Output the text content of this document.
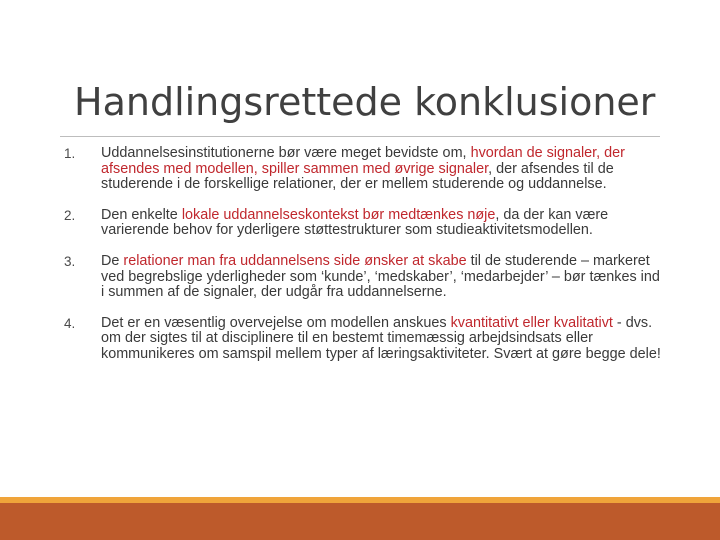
Handlingsrettede konklusioner
1. Uddannelsesinstitutionerne bør være meget bevidste om, hvordan de signaler, der afsendes med modellen, spiller sammen med øvrige signaler, der afsendes til de studerende i de forskellige relationer, der er mellem studerende og uddannelse.
2. Den enkelte lokale uddannelseskontekst bør medtænkes nøje, da der kan være varierende behov for yderligere støttestrukturer som studieaktivitetsmodellen.
3. De relationer man fra uddannelsens side ønsker at skabe til de studerende – markeret ved begrebslige yderligheder som ‘kunde’, ‘medskaber’, ‘medarbejder’ – bør tænkes ind i summen af de signaler, der udgår fra uddannelserne.
4. Det er en væsentlig overvejelse om modellen anskues kvantitativt eller kvalitativt - dvs. om der sigtes til at disciplinere til en bestemt timemæssig arbejdsindsats eller kommunikeres om samspil mellem typer af læringsaktiviteter. Svært at gøre begge dele!
